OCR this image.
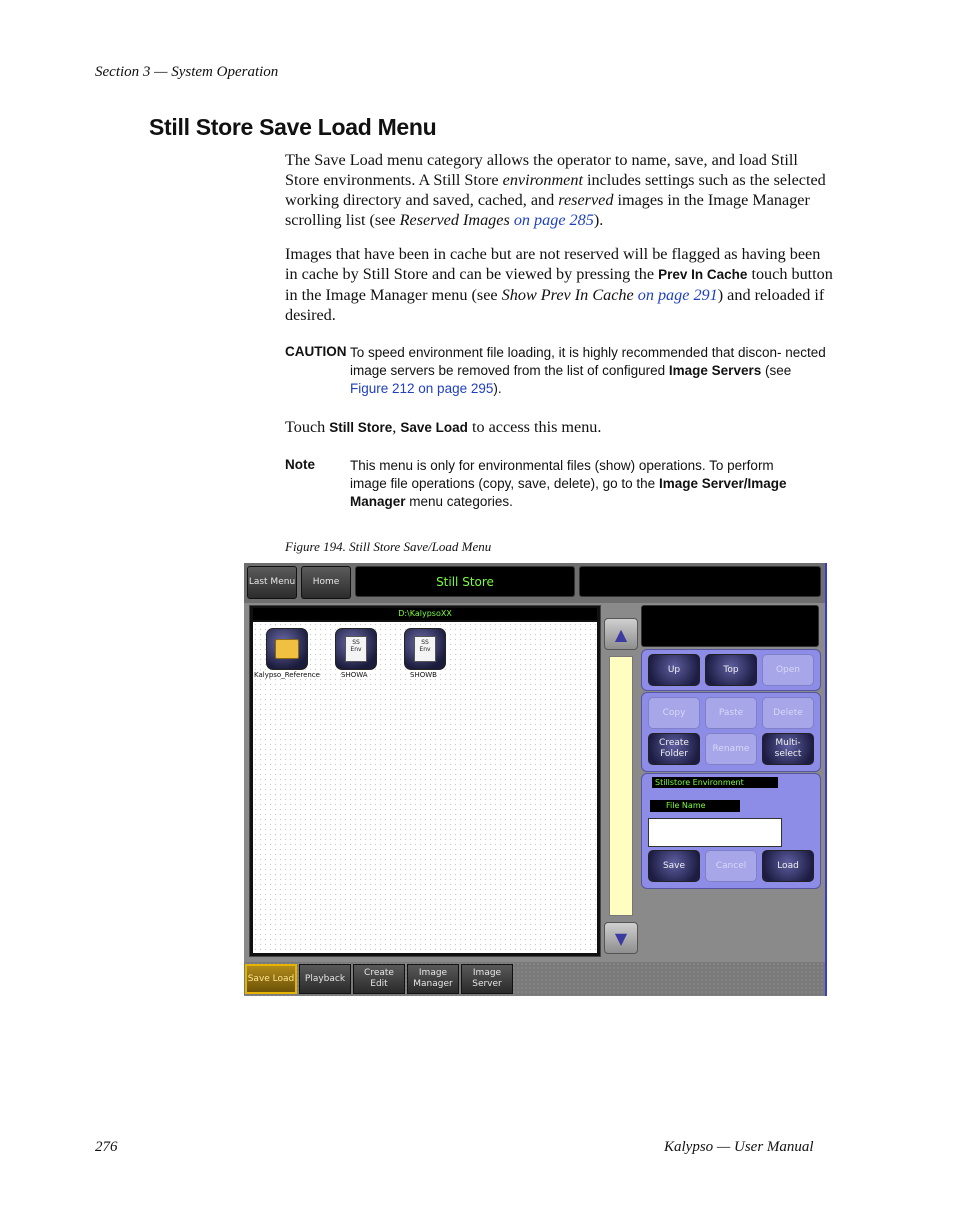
Section 3 — System Operation
Still Store Save Load Menu
The Save Load menu category allows the operator to name, save, and load Still Store environments. A Still Store environment includes settings such as the selected working directory and saved, cached, and reserved images in the Image Manager scrolling list (see Reserved Images on page 285).
Images that have been in cache but are not reserved will be flagged as having been in cache by Still Store and can be viewed by pressing the Prev In Cache touch button in the Image Manager menu (see Show Prev In Cache on page 291) and reloaded if desired.
CAUTION To speed environment file loading, it is highly recommended that discon- nected image servers be removed from the list of configured Image Servers (see Figure 212 on page 295).
Touch Still Store, Save Load to access this menu.
Note	This menu is only for environmental files (show) operations. To perform image file operations (copy, save, delete), go to the Image Server/Image Manager menu categories.
Figure 194. Still Store Save/Load Menu
Last Menu	Home	Still Store
D:\KalypsoXX
Kalypso_Reference
SS Env
SHOWA
SS Env
SHOWB
▲
▼
Up	Top	Open
Copy	Paste	Delete
Create Folder
Rename
Multi- select
Stillstore Environment
File Name
Save	Cancel	Load
Save Load	Playback
Create Edit
Image Manager
Image Server
276	Kalypso — User Manual
